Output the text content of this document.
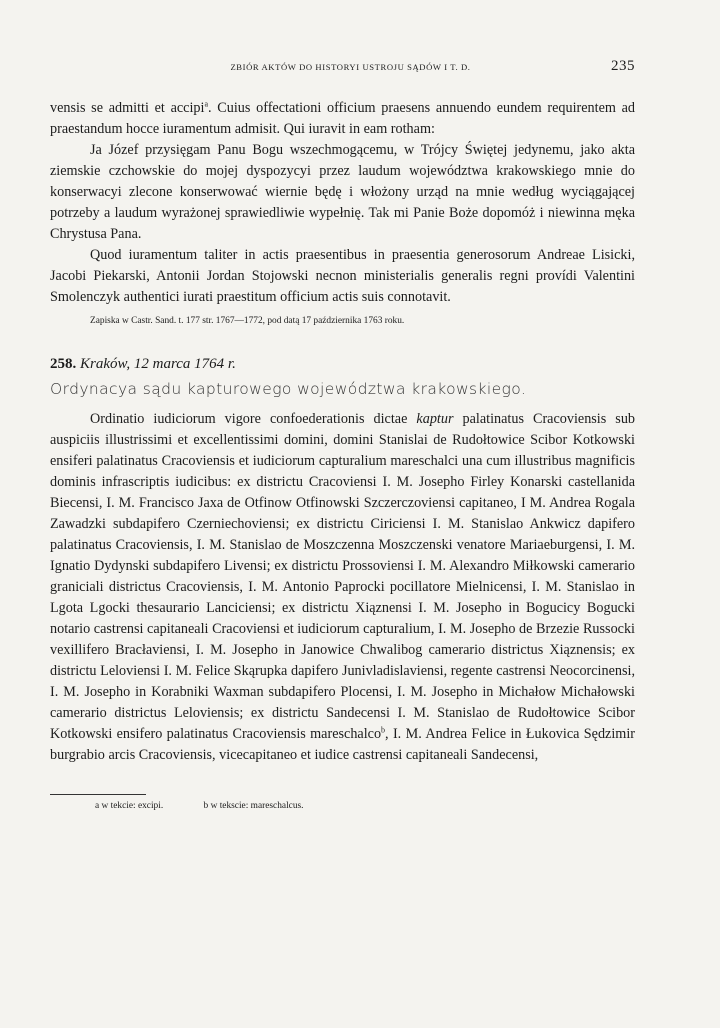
ZBIÓR AKTÓW DO HISTORYI USTROJU SĄDÓW I T. D.	235

vensis se admitti et accipi$^a$. Cuius offectationi officium praesens annuendo eundem requirentem ad praestandum hocce iuramentum admisit. Qui iuravit in eam rotham:

Ja Józef przysięgam Panu Bogu wszechmogącemu, w Trójcy Świętej jedynemu, jako akta ziemskie czchowskie do mojej dyspozycyi przez laudum województwa krakowskiego mnie do konserwacyi zlecone konserwować wiernie będę i włożony urząd na mnie według wyciągającej potrzeby a laudum wyrażonej sprawiedliwie wypełnię. Tak mi Panie Boże dopomóż i niewinna męka Chrystusa Pana.

Quod iuramentum taliter in actis praesentibus in praesentia generosorum Andreae Lisicki, Jacobi Piekarski, Antonii Jordan Stojowski necnon ministerialis generalis regni provídi Valentini Smolenczyk authentici iurati praestitum officium actis suis connotavit.

Zapiska w Castr. Sand. t. 177 str. 1767—1772, pod datą 17 października 1763 roku.
258. Kraków, 12 marca 1764 r.
Ordynacya sądu kapturowego województwa krakowskiego.

Ordinatio iudiciorum vigore confoederationis dictae kaptur palatinatus Cracoviensis sub auspiciis illustrissimi et excellentissimi domini, domini Stanislai de Rudołtowice Scibor Kotkowski ensiferi palatinatus Cracoviensis et iudiciorum capturalium mareschalci una cum illustribus magnificis dominis infrascriptis iudicibus: ex districtu Cracoviensi I. M. Josepho Firley Konarski castellanida Biecensi, I. M. Francisco Jaxa de Otfinow Otfinowski Szczerczoviensi capitaneo, I M. Andrea Rogala Zawadzki subdapifero Czerniechoviensi; ex districtu Ciriciensi I. M. Stanislao Ankwicz dapifero palatinatus Cracoviensis, I. M. Stanislao de Moszczenna Moszczenski venatore Mariaeburgensi, I. M. Ignatio Dydynski subdapifero Livensi; ex districtu Prossoviensi I. M. Alexandro Miłkowski camerario graniciali districtus Cracoviensis, I. M. Antonio Paprocki pocillatore Mielnicensi, I. M. Stanislao in Lgota Lgocki thesaurario Lanciciensi; ex districtu Xiąznensi I. M. Josepho in Bogucicy Bogucki notario castrensi capitaneali Cracoviensi et iudiciorum capturalium, I. M. Josepho de Brzezie Russocki vexillifero Bracłaviensi, I. M. Josepho in Janowice Chwalibog camerario districtus Xiąznensis; ex districtu Leloviensi I. M. Felice Skąrupka dapifero Junivladislaviensi, regente castrensi Neocorcinensi, I. M. Josepho in Korabniki Waxman subdapifero Plocensi, I. M. Josepho in Michałow Michałowski camerario districtus Leloviensis; ex districtu Sandecensi I. M. Stanislao de Rudołtowice Scibor Kotkowski ensifero palatinatus Cracoviensis mareschalco$^b$, I. M. Andrea Felice in Łukovica Sędzimir burgrabio arcis Cracoviensis, vicecapitaneo et iudice castrensi capitaneali Sandecensi,

a w tekcie: excipi.	b w tekscie: mareschalcus.
